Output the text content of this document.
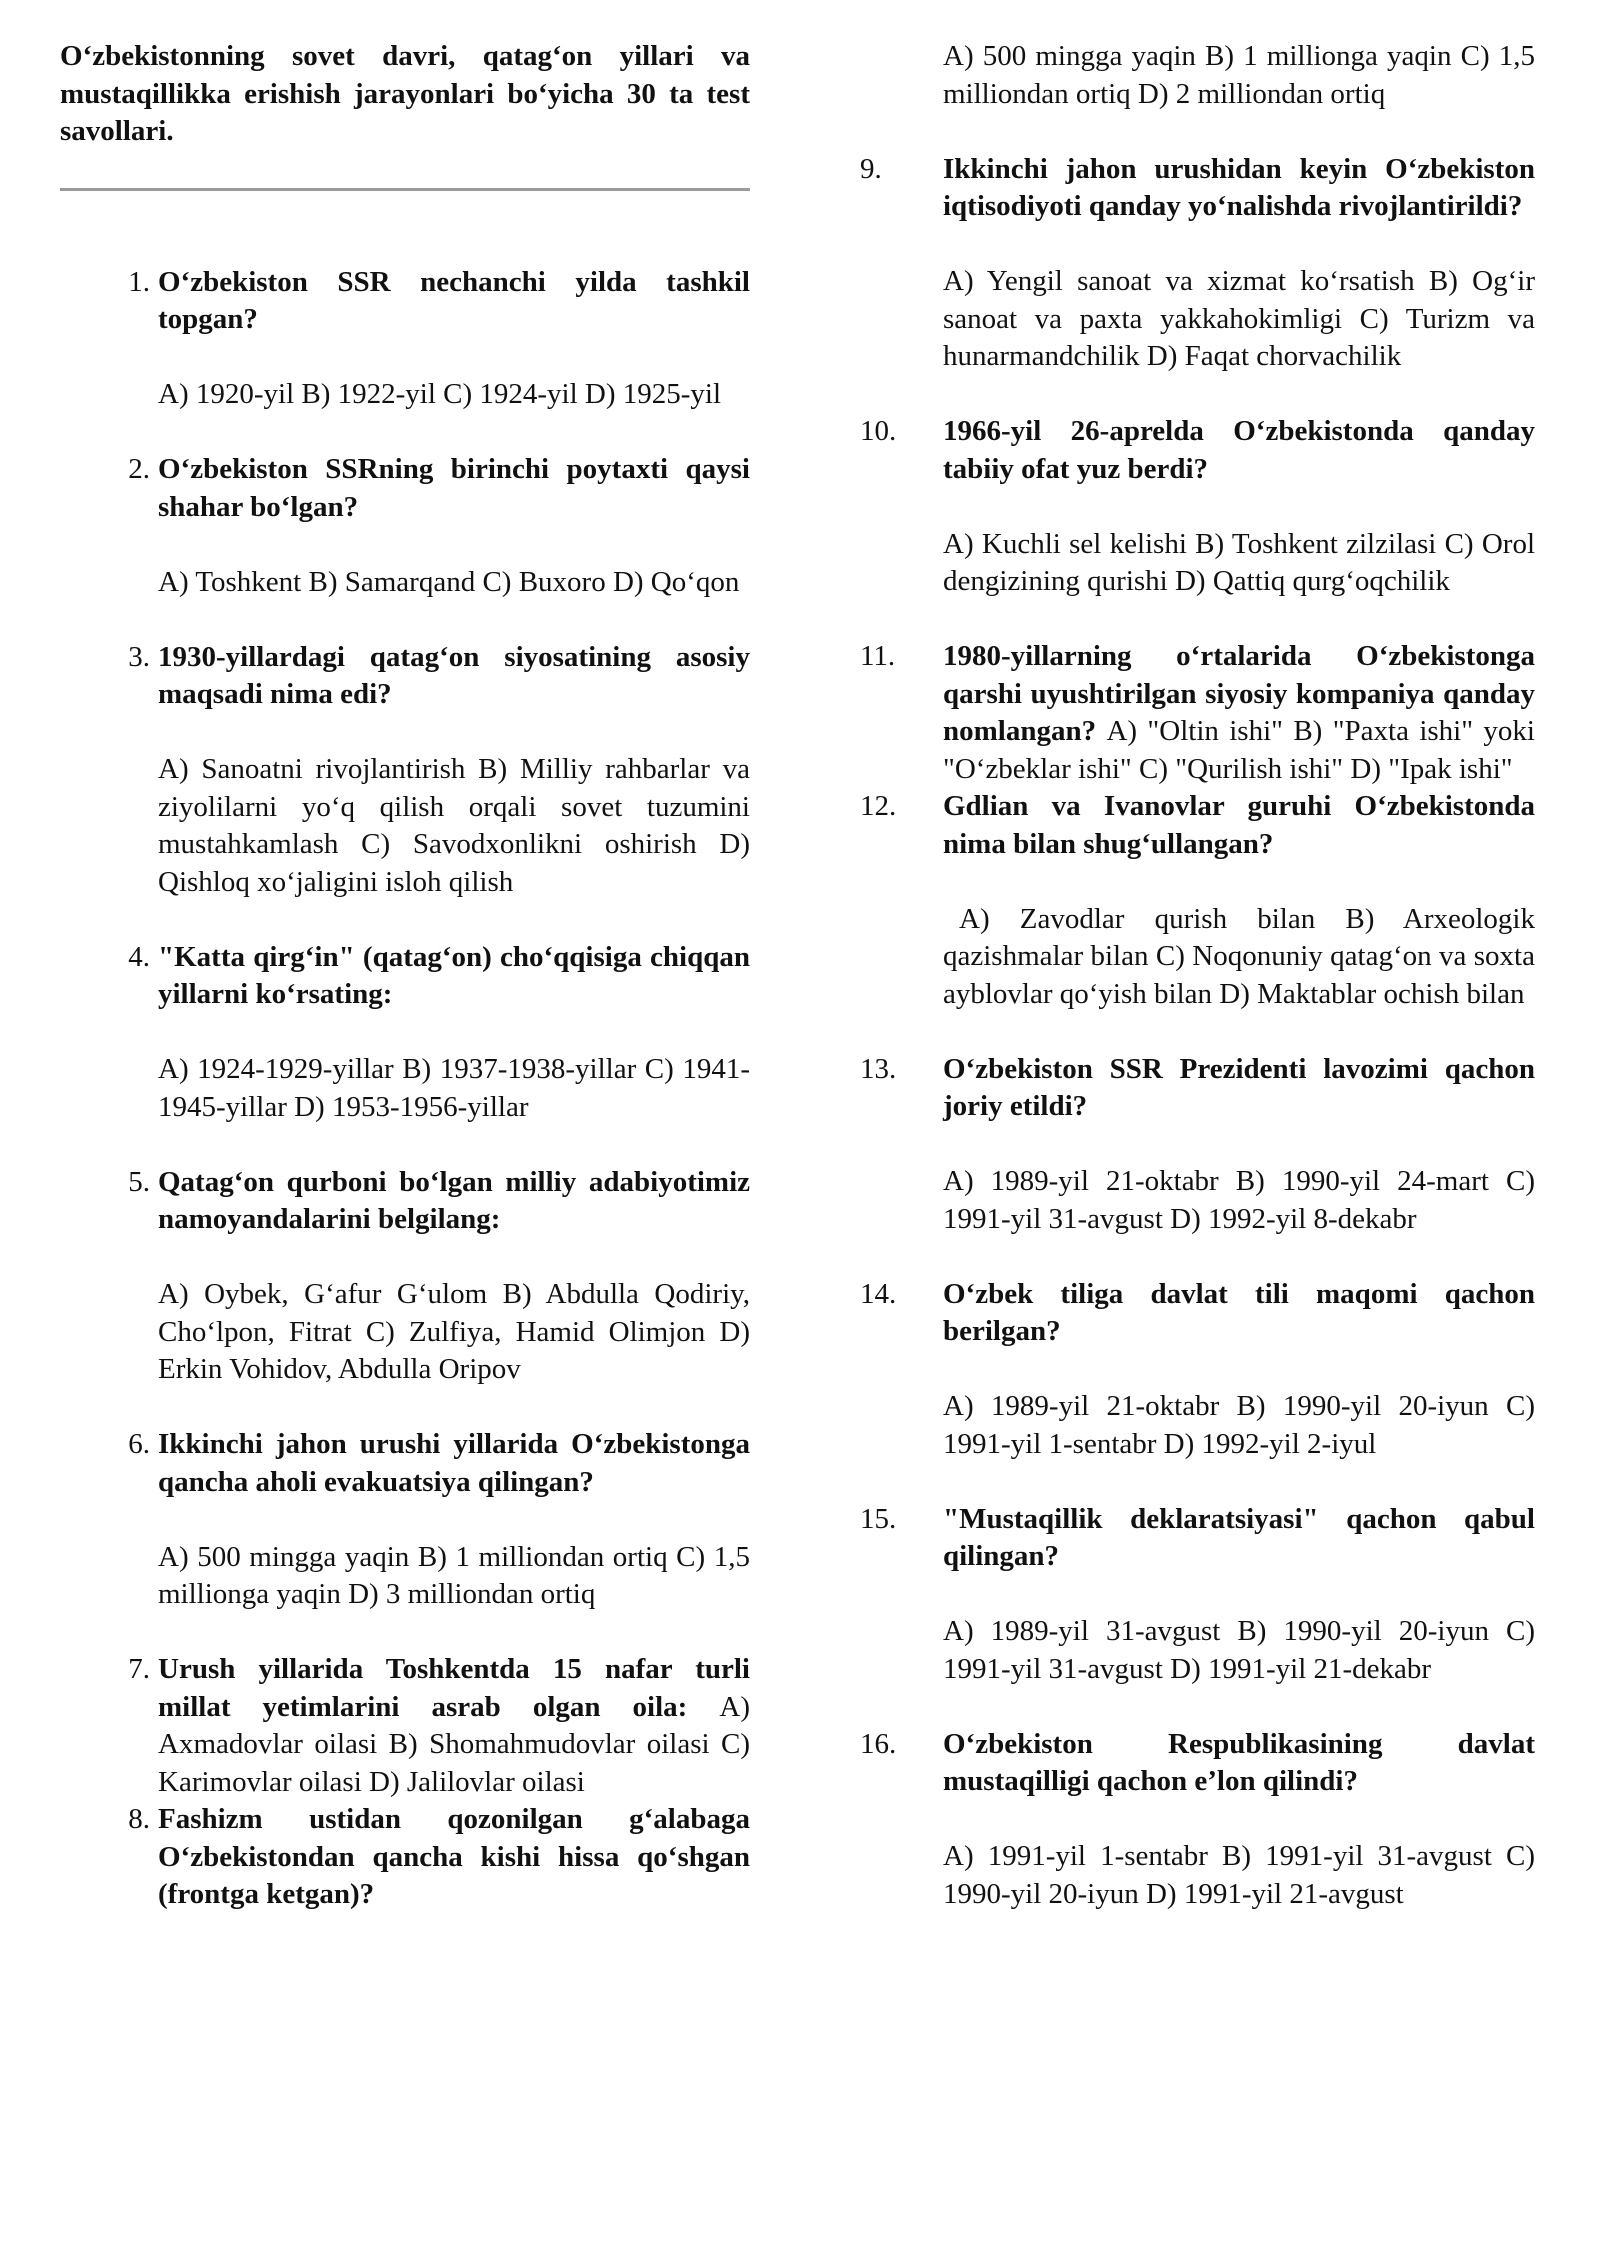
O‘zbekistonning sovet davri, qatag‘on yillari va mustaqillikka erishish jarayonlari bo‘yicha 30 ta test savollari.

1. O‘zbekiston SSR nechanchi yilda tashkil topgan?
A) 1920-yil B) 1922-yil C) 1924-yil D) 1925-yil
2. O‘zbekiston SSRning birinchi poytaxti qaysi shahar bo‘lgan?
A) Toshkent B) Samarqand C) Buxoro D) Qo‘qon
3. 1930-yillardagi qatag‘on siyosatining asosiy maqsadi nima edi?
A) Sanoatni rivojlantirish B) Milliy rahbarlar va ziyolilarni yo‘q qilish orqali sovet tuzumini mustahkamlash C) Savodxonlikni oshirish D) Qishloq xo‘jaligini isloh qilish
4. "Katta qirg‘in" (qatag‘on) cho‘qqisiga chiqqan yillarni ko‘rsating:
A) 1924-1929-yillar B) 1937-1938-yillar C) 1941-1945-yillar D) 1953-1956-yillar
5. Qatag‘on qurboni bo‘lgan milliy adabiyotimiz namoyandalarini belgilang:
A) Oybek, G‘afur G‘ulom B) Abdulla Qodiriy, Cho‘lpon, Fitrat C) Zulfiya, Hamid Olimjon D) Erkin Vohidov, Abdulla Oripov
6. Ikkinchi jahon urushi yillarida O‘zbekistonga qancha aholi evakuatsiya qilingan?
A) 500 mingga yaqin B) 1 milliondan ortiq C) 1,5 millionga yaqin D) 3 milliondan ortiq
7. Urush yillarida Toshkentda 15 nafar turli millat yetimlarini asrab olgan oila: A) Axmadovlar oilasi B) Shomahmudovlar oilasi C) Karimovlar oilasi D) Jalilovlar oilasi
8. Fashizm ustidan qozonilgan g‘alabaga O‘zbekistondan qancha kishi hissa qo‘shgan (frontga ketgan)?
A) 500 mingga yaqin B) 1 millionga yaqin C) 1,5 milliondan ortiq D) 2 milliondan ortiq
9.	Ikkinchi jahon urushidan keyin O‘zbekiston iqtisodiyoti qanday yo‘nalishda rivojlantirildi?
A) Yengil sanoat va xizmat ko‘rsatish B) Og‘ir sanoat va paxta yakkahokimligi C) Turizm va hunarmandchilik D) Faqat chorvachilik
10.	1966-yil 26-aprelda O‘zbekistonda qanday tabiiy ofat yuz berdi?
A) Kuchli sel kelishi B) Toshkent zilzilasi C) Orol dengizining qurishi D) Qattiq qurg‘oqchilik
11.	1980-yillarning o‘rtalarida O‘zbekistonga qarshi uyushtirilgan siyosiy kompaniya qanday nomlangan? A) "Oltin ishi" B) "Paxta ishi" yoki "O‘zbeklar ishi" C) "Qurilish ishi" D) "Ipak ishi"
12.	Gdlian va Ivanovlar guruhi O‘zbekistonda nima bilan shug‘ullangan?
A) Zavodlar qurish bilan B) Arxeologik qazishmalar bilan C) Noqonuniy qatag‘on va soxta ayblovlar qo‘yish bilan D) Maktablar ochish bilan
13.	O‘zbekiston SSR Prezidenti lavozimi qachon joriy etildi?
A) 1989-yil 21-oktabr B) 1990-yil 24-mart C) 1991-yil 31-avgust D) 1992-yil 8-dekabr
14.	O‘zbek tiliga davlat tili maqomi qachon berilgan?
A) 1989-yil 21-oktabr B) 1990-yil 20-iyun C) 1991-yil 1-sentabr D) 1992-yil 2-iyul
15.	"Mustaqillik deklaratsiyasi" qachon qabul qilingan?
A) 1989-yil 31-avgust B) 1990-yil 20-iyun C) 1991-yil 31-avgust D) 1991-yil 21-dekabr
16.	O‘zbekiston Respublikasining davlat mustaqilligi qachon e’lon qilindi?
A) 1991-yil 1-sentabr B) 1991-yil 31-avgust C) 1990-yil 20-iyun D) 1991-yil 21-avgust
